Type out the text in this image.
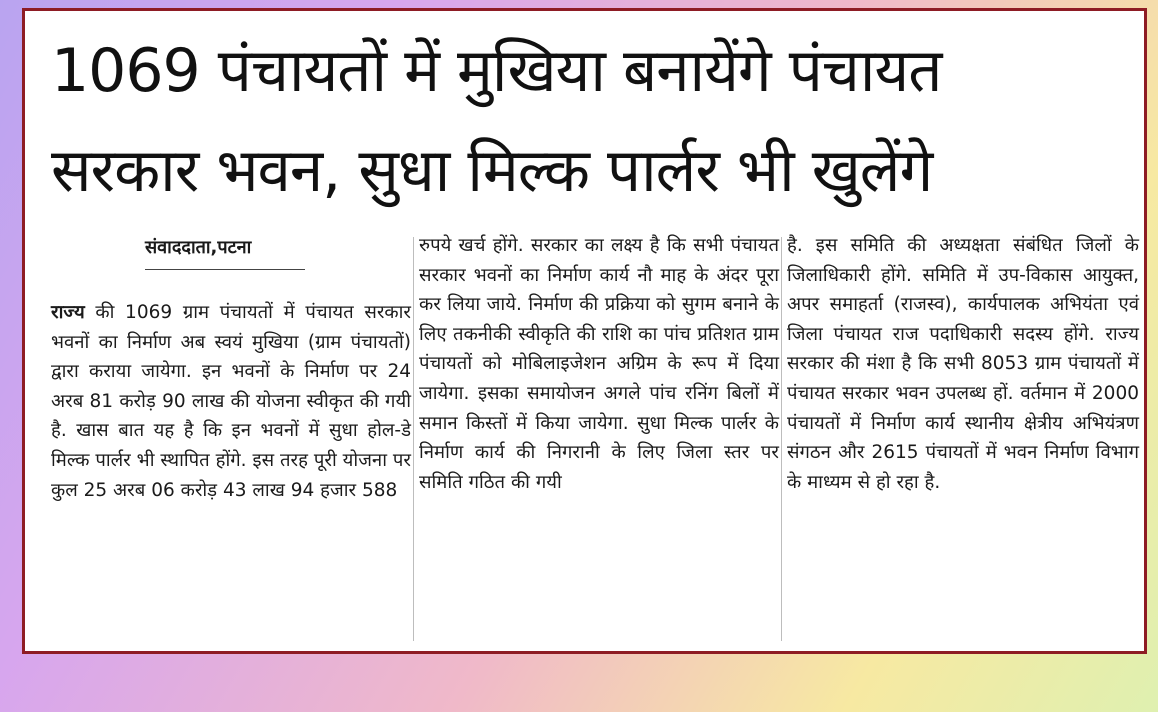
1069 पंचायतों में मुखिया बनायेंगे पंचायत
सरकार भवन, सुधा मिल्क पार्लर भी खुलेंगे
संवाददाता,पटना

राज्य की 1069 ग्राम पंचायतों में पंचायत सरकार भवनों का निर्माण अब स्वयं मुखिया (ग्राम पंचायतों) द्वारा कराया जायेगा. इन भवनों के निर्माण पर 24 अरब 81 करोड़ 90 लाख की योजना स्वीकृत की गयी है. खास बात यह है कि इन भवनों में सुधा होल-डे मिल्क पार्लर भी स्थापित होंगे. इस तरह पूरी योजना पर कुल 25 अरब 06 करोड़ 43 लाख 94 हजार 588

रुपये खर्च होंगे. सरकार का लक्ष्य है कि सभी पंचायत सरकार भवनों का निर्माण कार्य नौ माह के अंदर पूरा कर लिया जाये. निर्माण की प्रक्रिया को सुगम बनाने के लिए तकनीकी स्वीकृति की राशि का पांच प्रतिशत ग्राम पंचायतों को मोबिलाइजेशन अग्रिम के रूप में दिया जायेगा. इसका समायोजन अगले पांच रनिंग बिलों में समान किस्तों में किया जायेगा. सुधा मिल्क पार्लर के निर्माण कार्य की निगरानी के लिए जिला स्तर पर समिति गठित की गयी

है. इस समिति की अध्यक्षता संबंधित जिलों के जिलाधिकारी होंगे. समिति में उप-विकास आयुक्त, अपर समाहर्ता (राजस्व), कार्यपालक अभियंता एवं जिला पंचायत राज पदाधिकारी सदस्य होंगे. राज्य सरकार की मंशा है कि सभी 8053 ग्राम पंचायतों में पंचायत सरकार भवन उपलब्ध हों. वर्तमान में 2000 पंचायतों में निर्माण कार्य स्थानीय क्षेत्रीय अभियंत्रण संगठन और 2615 पंचायतों में भवन निर्माण विभाग के माध्यम से हो रहा है.
